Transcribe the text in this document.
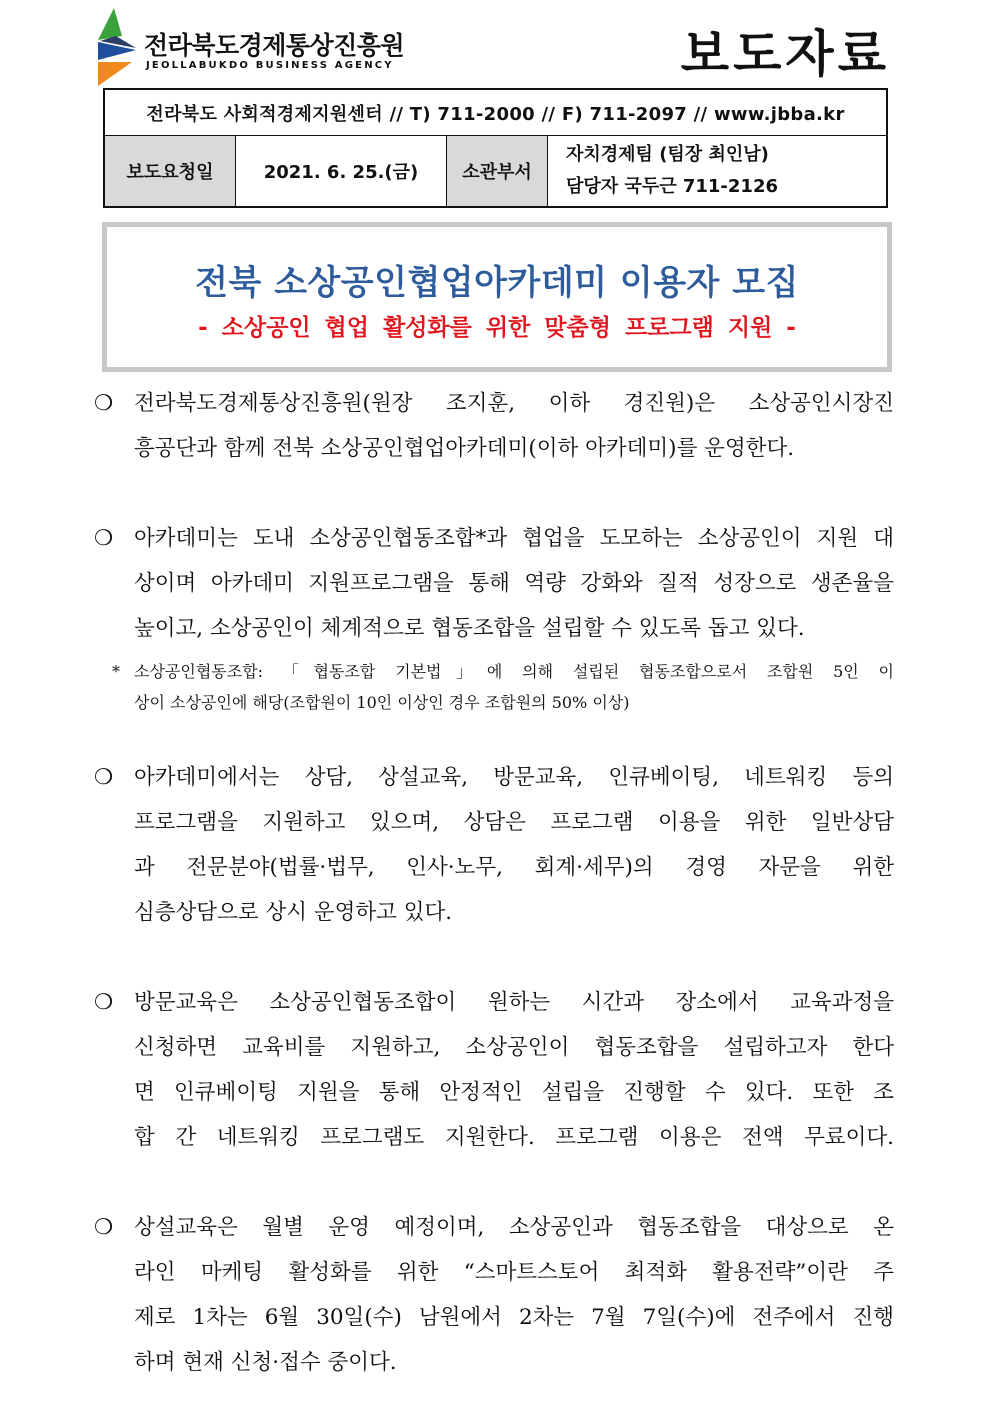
전라북도경제통상진흥원
JEOLLABUKDO BUSINESS AGENCY	보도자료
전라북도 사회적경제지원센터 // T) 711-2000 // F) 711-2097 // www.jbba.kr
보도요청일	2021. 6. 25.(금)	소관부서	
자치경제팀 (팀장 최인남)
담당자 국두근 711-2126
전북 소상공인협업아카데미 이용자 모집
- 소상공인 협업 활성화를 위한 맞춤형 프로그램 지원 -
❍ 전라북도경제통상진흥원(원장 조지훈, 이하 경진원)은 소상공인시장진
흥공단과 함께 전북 소상공인협업아카데미(이하 아카데미)를 운영한다.
❍ 아카데미는 도내 소상공인협동조합*과 협업을 도모하는 소상공인이 지원 대
상이며 아카데미 지원프로그램을 통해 역량 강화와 질적 성장으로 생존율을
높이고, 소상공인이 체계적으로 협동조합을 설립할 수 있도록 돕고 있다.
* 소상공인협동조합: 「협동조합 기본법」에 의해 설립된 협동조합으로서 조합원 5인 이
상이 소상공인에 해당(조합원이 10인 이상인 경우 조합원의 50% 이상)
❍ 아카데미에서는 상담, 상설교육, 방문교육, 인큐베이팅, 네트워킹 등의
프로그램을 지원하고 있으며, 상담은 프로그램 이용을 위한 일반상담
과 전문분야(법률·법무, 인사·노무, 회계·세무)의 경영 자문을 위한
심층상담으로 상시 운영하고 있다.
❍ 방문교육은 소상공인협동조합이 원하는 시간과 장소에서 교육과정을
신청하면 교육비를 지원하고, 소상공인이 협동조합을 설립하고자 한다
면 인큐베이팅 지원을 통해 안정적인 설립을 진행할 수 있다. 또한 조
합 간 네트워킹 프로그램도 지원한다. 프로그램 이용은 전액 무료이다.
❍ 상설교육은 월별 운영 예정이며, 소상공인과 협동조합을 대상으로 온
라인 마케팅 활성화를 위한 “스마트스토어 최적화 활용전략”이란 주
제로 1차는 6월 30일(수) 남원에서 2차는 7월 7일(수)에 전주에서 진행
하며 현재 신청·접수 중이다.
